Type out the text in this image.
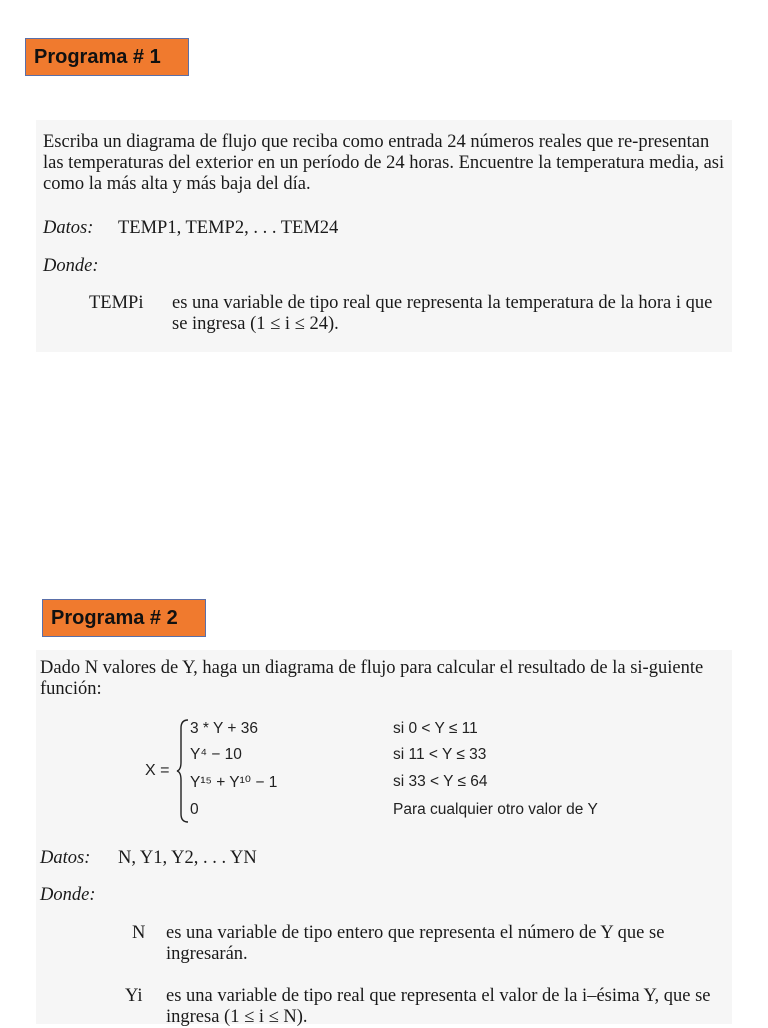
Programa # 1
Escriba un diagrama de flujo que reciba como entrada 24 números reales que re-presentan las temperaturas del exterior en un período de 24 horas. Encuentre la temperatura media, asi como la más alta y más baja del día.
Datos: TEMP1, TEMP2, . . . TEM24
Donde:
TEMPi es una variable de tipo real que representa la temperatura de la hora i que se ingresa (1 ≤ i ≤ 24).
Programa # 2
Dado N valores de Y, haga un diagrama de flujo para calcular el resultado de la si-guiente función:
X =
3 * Y + 36	si 0 < Y ≤ 11
Y⁴ − 10	si 11 < Y ≤ 33
Y¹⁵ + Y¹⁰ − 1	si 33 < Y ≤ 64
0	Para cualquier otro valor de Y
Datos: N, Y1, Y2, . . . YN
Donde:
N es una variable de tipo entero que representa el número de Y que se ingresarán.
Yi es una variable de tipo real que representa el valor de la i–ésima Y, que se ingresa (1 ≤ i ≤ N).
